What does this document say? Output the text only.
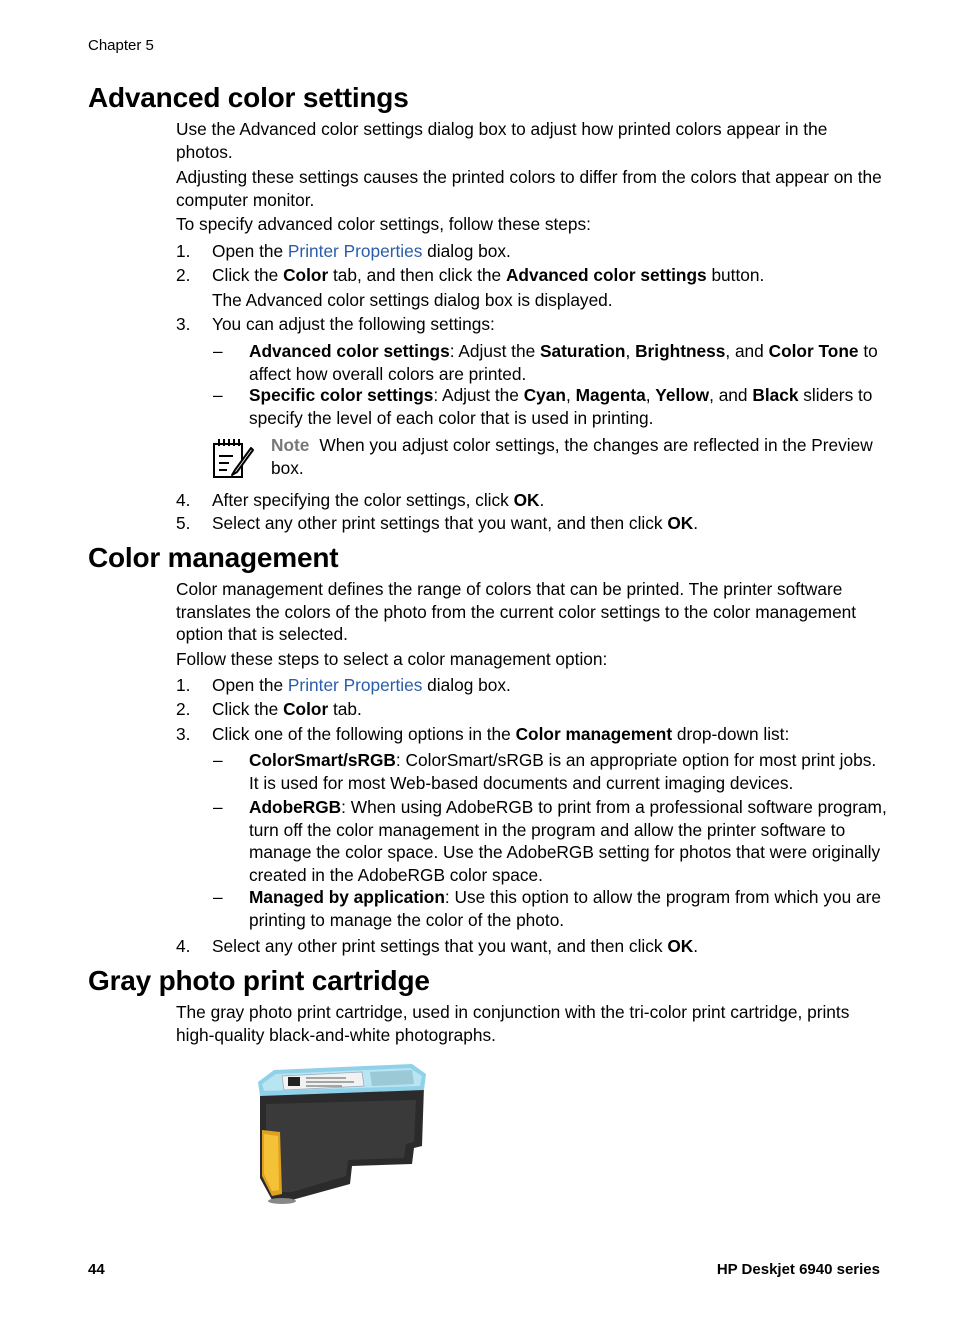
Chapter 5
Advanced color settings
Use the Advanced color settings dialog box to adjust how printed colors appear in the photos.
Adjusting these settings causes the printed colors to differ from the colors that appear on the computer monitor.
To specify advanced color settings, follow these steps:
1. Open the Printer Properties dialog box.
2. Click the Color tab, and then click the Advanced color settings button.
The Advanced color settings dialog box is displayed.
3. You can adjust the following settings:
– Advanced color settings: Adjust the Saturation, Brightness, and Color Tone to affect how overall colors are printed.
– Specific color settings: Adjust the Cyan, Magenta, Yellow, and Black sliders to specify the level of each color that is used in printing.
Note When you adjust color settings, the changes are reflected in the Preview box.
4. After specifying the color settings, click OK.
5. Select any other print settings that you want, and then click OK.
Color management
Color management defines the range of colors that can be printed. The printer software translates the colors of the photo from the current color settings to the color management option that is selected.
Follow these steps to select a color management option:
1. Open the Printer Properties dialog box.
2. Click the Color tab.
3. Click one of the following options in the Color management drop-down list:
– ColorSmart/sRGB: ColorSmart/sRGB is an appropriate option for most print jobs. It is used for most Web-based documents and current imaging devices.
– AdobeRGB: When using AdobeRGB to print from a professional software program, turn off the color management in the program and allow the printer software to manage the color space. Use the AdobeRGB setting for photos that were originally created in the AdobeRGB color space.
– Managed by application: Use this option to allow the program from which you are printing to manage the color of the photo.
4. Select any other print settings that you want, and then click OK.
Gray photo print cartridge
The gray photo print cartridge, used in conjunction with the tri-color print cartridge, prints high-quality black-and-white photographs.
44	HP Deskjet 6940 series
